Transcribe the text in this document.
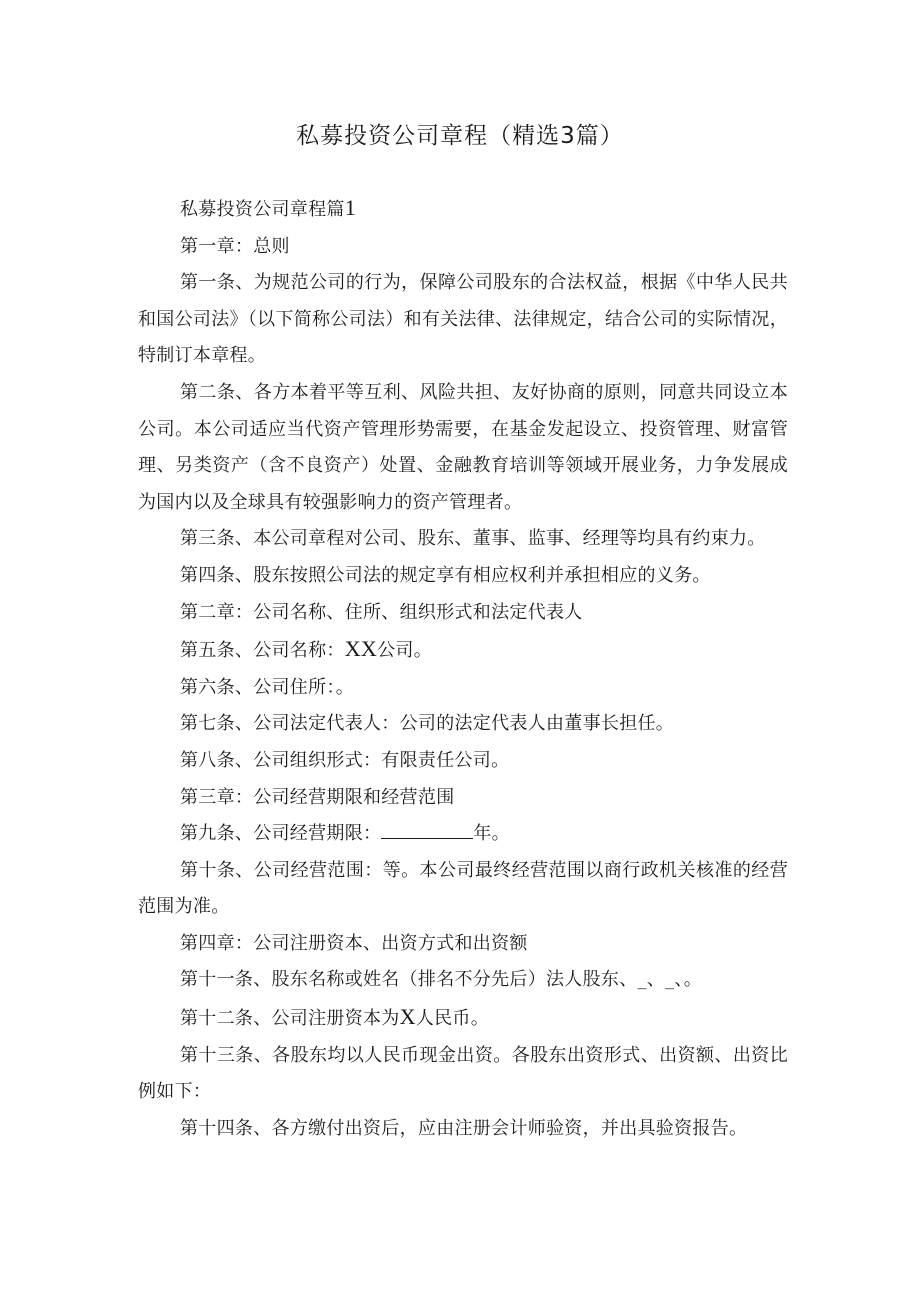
私募投资公司章程（精选3篇）

私募投资公司章程篇1

第一章：总则

第一条、为规范公司的行为，保障公司股东的合法权益，根据《中华人民共和国公司法》（以下简称公司法）和有关法律、法律规定，结合公司的实际情况，特制订本章程。

第二条、各方本着平等互利、风险共担、友好协商的原则，同意共同设立本公司。本公司适应当代资产管理形势需要，在基金发起设立、投资管理、财富管理、另类资产（含不良资产）处置、金融教育培训等领域开展业务，力争发展成为国内以及全球具有较强影响力的资产管理者。

第三条、本公司章程对公司、股东、董事、监事、经理等均具有约束力。

第四条、股东按照公司法的规定享有相应权利并承担相应的义务。

第二章：公司名称、住所、组织形式和法定代表人

第五条、公司名称：XX公司。

第六条、公司住所：。

第七条、公司法定代表人：公司的法定代表人由董事长担任。

第八条、公司组织形式：有限责任公司。

第三章：公司经营期限和经营范围

第九条、公司经营期限：	年。

第十条、公司经营范围：等。本公司最终经营范围以商行政机关核准的经营范围为准。

第四章：公司注册资本、出资方式和出资额

第十一条、股东名称或姓名（排名不分先后）法人股东、_、_、。

第十二条、公司注册资本为X人民币。

第十三条、各股东均以人民币现金出资。各股东出资形式、出资额、出资比例如下：

第十四条、各方缴付出资后，应由注册会计师验资，并出具验资报告。
